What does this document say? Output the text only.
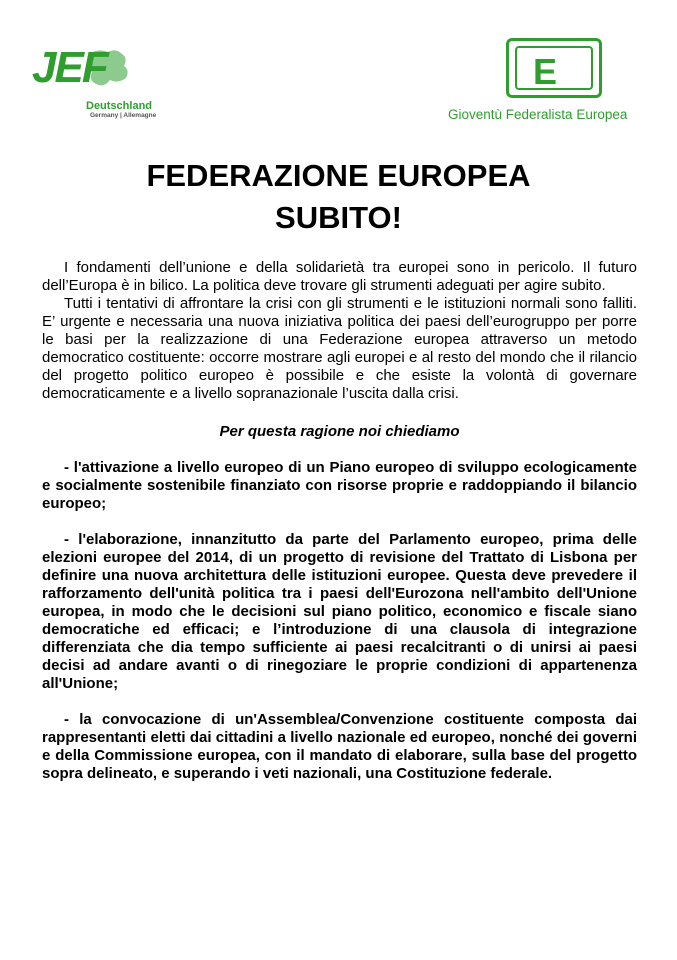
JEF
Deutschland
Germany | Allemagne
E
Gioventù Federalista Europea
FEDERAZIONE EUROPEA
SUBITO!

I fondamenti dell’unione e della solidarietà tra europei sono in pericolo. Il futuro dell’Europa è in bilico. La politica deve trovare gli strumenti adeguati per agire subito.

Tutti i tentativi di affrontare la crisi con gli strumenti e le istituzioni normali sono falliti. E’ urgente e necessaria una nuova iniziativa politica dei paesi dell’eurogruppo per porre le basi per la realizzazione di una Federazione europea attraverso un metodo democratico costituente: occorre mostrare agli europei e al resto del mondo che il rilancio del progetto politico europeo è possibile e che esiste la volontà di governare democraticamente e a livello sopranazionale l’uscita dalla crisi.

Per questa ragione noi chiediamo

- l'attivazione a livello europeo di un Piano europeo di sviluppo ecologicamente e socialmente sostenibile finanziato con risorse proprie e raddoppiando il bilancio europeo;

- l'elaborazione, innanzitutto da parte del Parlamento europeo, prima delle elezioni europee del 2014, di un progetto di revisione del Trattato di Lisbona per definire una nuova architettura delle istituzioni europee. Questa deve prevedere il rafforzamento dell'unità politica tra i paesi dell'Eurozona nell'ambito dell'Unione europea, in modo che le decisioni sul piano politico, economico e fiscale siano democratiche ed efficaci; e l’introduzione di una clausola di integrazione differenziata che dia tempo sufficiente ai paesi recalcitranti o di unirsi ai paesi decisi ad andare avanti o di rinegoziare le proprie condizioni di appartenenza all'Unione;

- la convocazione di un'Assemblea/Convenzione costituente composta dai rappresentanti eletti dai cittadini a livello nazionale ed europeo, nonché dei governi e della Commissione europea, con il mandato di elaborare, sulla base del progetto sopra delineato, e superando i veti nazionali, una Costituzione federale.
